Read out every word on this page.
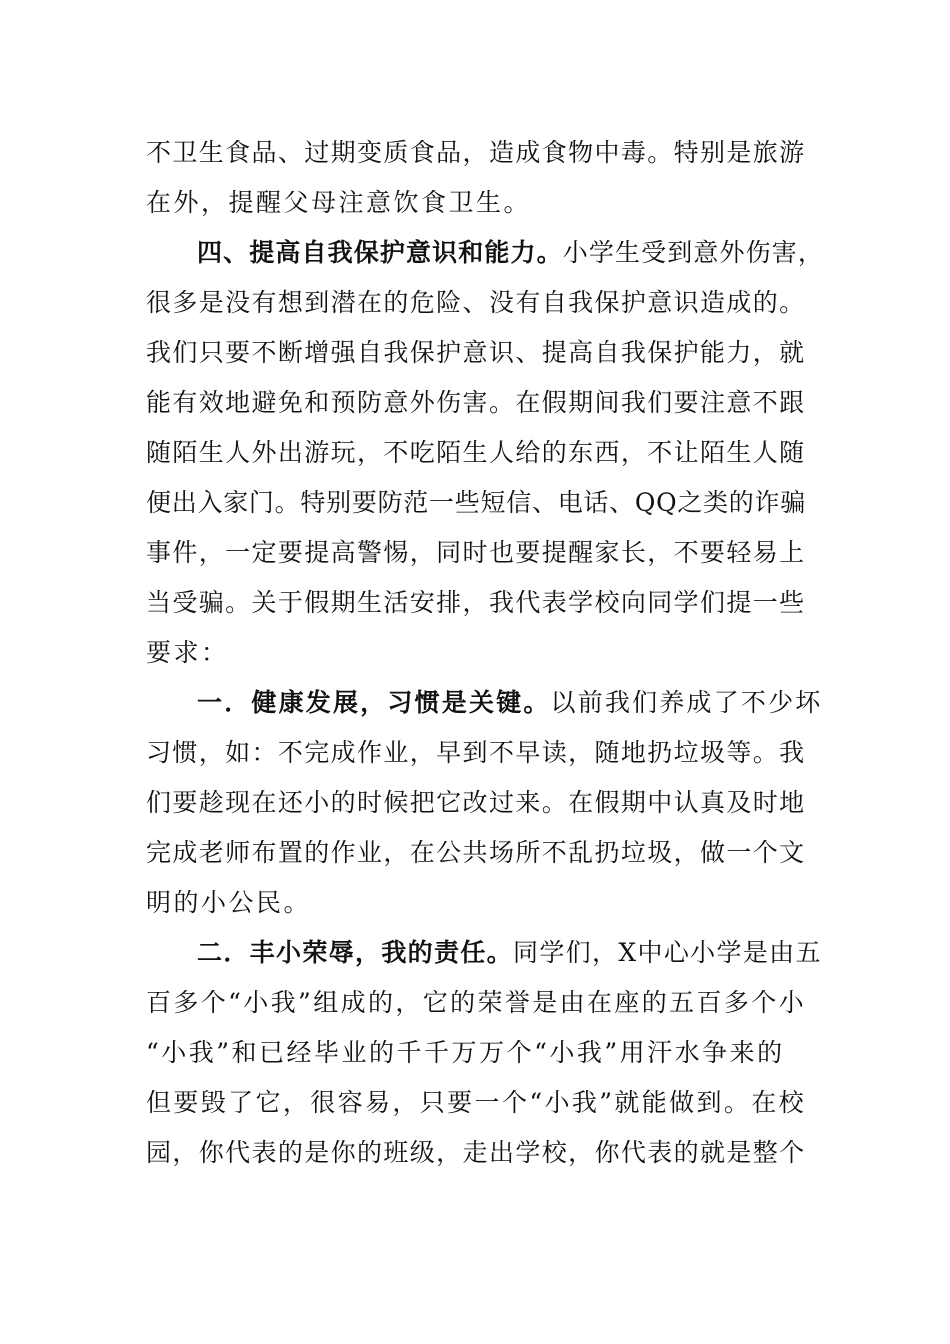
不卫生食品、过期变质食品，造成食物中毒。特别是旅游
在外，提醒父母注意饮食卫生。
四、提高自我保护意识和能力。小学生受到意外伤害，
很多是没有想到潜在的危险、没有自我保护意识造成的。
我们只要不断增强自我保护意识、提高自我保护能力，就
能有效地避免和预防意外伤害。在假期间我们要注意不跟
随陌生人外出游玩，不吃陌生人给的东西，不让陌生人随
便出入家门。特别要防范一些短信、电话、QQ之类的诈骗
事件，一定要提高警惕，同时也要提醒家长，不要轻易上
当受骗。关于假期生活安排，我代表学校向同学们提一些
要求：
一．健康发展，习惯是关键。以前我们养成了不少坏
习惯，如：不完成作业，早到不早读，随地扔垃圾等。我
们要趁现在还小的时候把它改过来。在假期中认真及时地
完成老师布置的作业，在公共场所不乱扔垃圾，做一个文
明的小公民。
二．丰小荣辱，我的责任。同学们，X中心小学是由五
百多个“小我”组成的，它的荣誉是由在座的五百多个小
“小我”和已经毕业的千千万万个“小我”用汗水争来的
但要毁了它，很容易，只要一个“小我”就能做到。在校
园，你代表的是你的班级，走出学校，你代表的就是整个
